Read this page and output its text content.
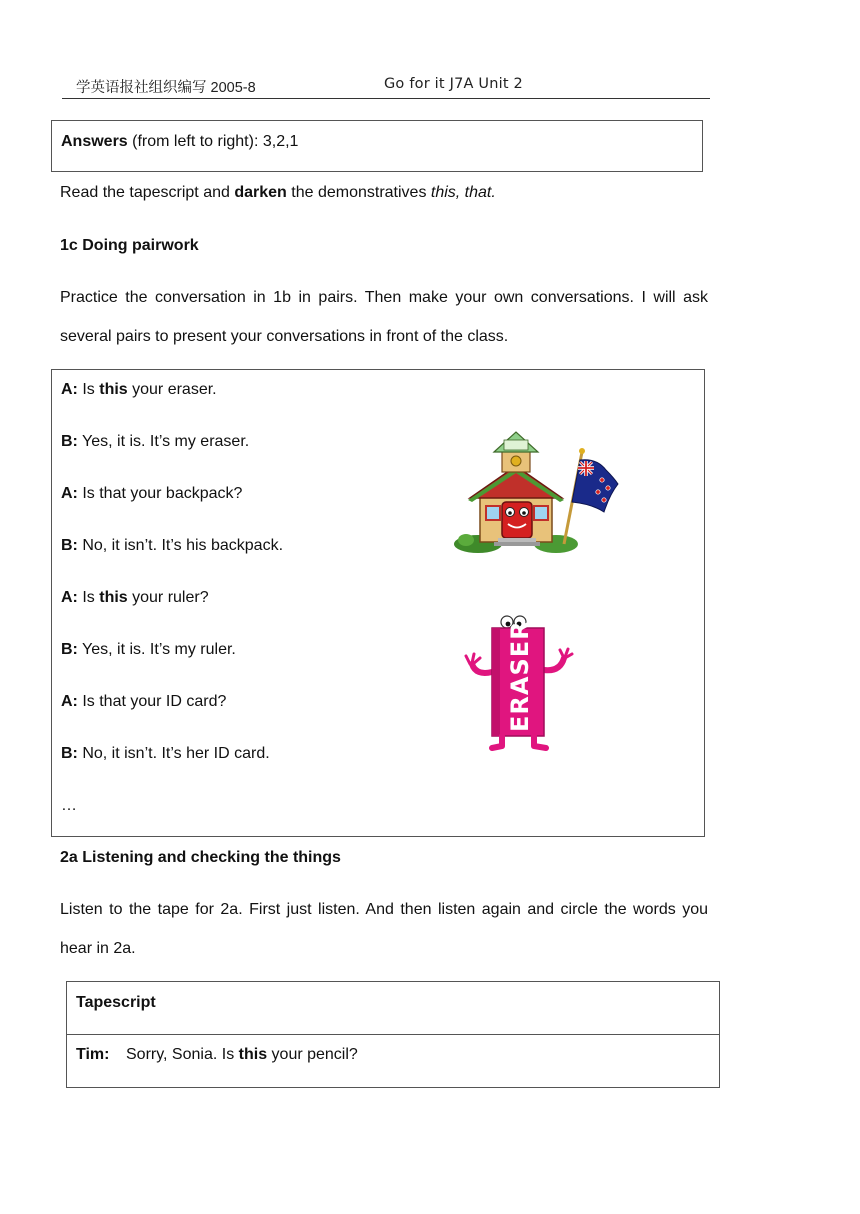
学英语报社组织编写 2005-8	Go for it J7A Unit 2
Answers (from left to right): 3,2,1
Read the tapescript and darken the demonstratives this, that.
1c Doing pairwork
Practice the conversation in 1b in pairs. Then make your own conversations. I will ask
several pairs to present your conversations in front of the class.
A: Is this your eraser.
B: Yes, it is. It’s my eraser.
A: Is that your backpack?
B: No, it isn’t. It’s his backpack.
A: Is this your ruler?
B: Yes, it is. It’s my ruler.
A: Is that your ID card?
B: No, it isn’t. It’s her ID card.
…
ERASER
2a Listening and checking the things
Listen to the tape for 2a. First just listen. And then listen again and circle the words you
hear in 2a.
Tapescript
Tim: Sorry, Sonia. Is this your pencil?
